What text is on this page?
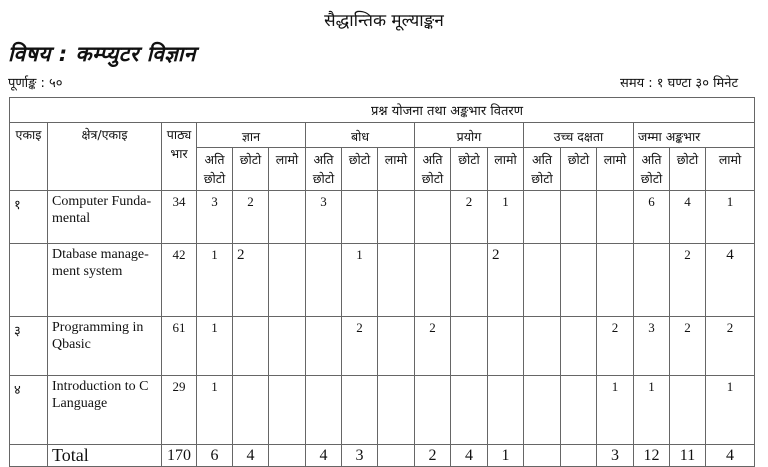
सैद्धान्तिक मूल्याङ्कन
विषय : कम्प्युटर विज्ञान
पूर्णाङ्क : ५०	समय : १ घण्टा ३० मिनेट
प्रश्न योजना तथा अङ्कभार वितरण																	
एकाइ	क्षेत्र/एकाइ	पाठ्य भार	ज्ञान			बोध			प्रयोग			उच्च दक्षता			जम्मा अङ्कभार		
			अति छोटो	छोटो	लामो	अति छोटो	छोटो	लामो	अति छोटो	छोटो	लामो	अति छोटो	छोटो	लामो	अति छोटो	छोटो	लामो
१	Computer Funda- mental	34	3	2		3				2	1				6	4	1
	Dtabase manage- ment system	42	1	2			1				2					2	4
३	Programming in Qbasic	61	1				2		2					2	3	2	2
४	Introduction to C Language	29	1											1	1		1
	Total	170	6	4		4	3		2	4	1			3	12	11	4
